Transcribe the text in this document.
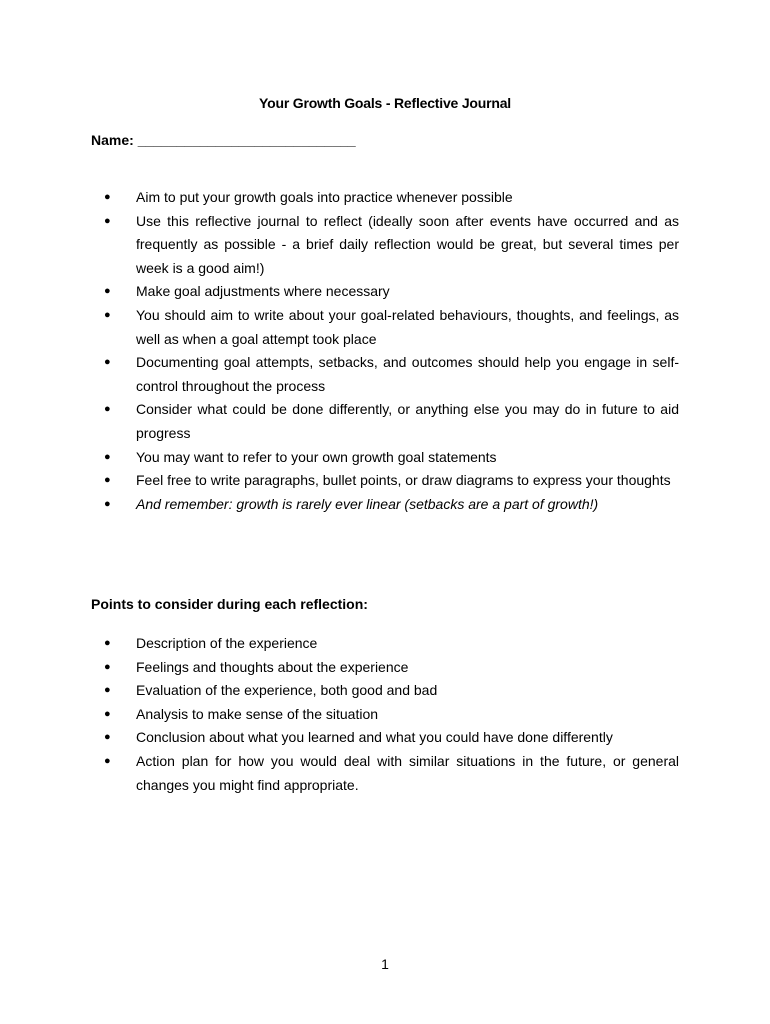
Your Growth Goals - Reflective Journal
Name: ____________________________
● Aim to put your growth goals into practice whenever possible
● Use this reflective journal to reflect (ideally soon after events have occurred and as frequently as possible - a brief daily reflection would be great, but several times per week is a good aim!)
● Make goal adjustments where necessary
● You should aim to write about your goal-related behaviours, thoughts, and feelings, as well as when a goal attempt took place
● Documenting goal attempts, setbacks, and outcomes should help you engage in self-control throughout the process
● Consider what could be done differently, or anything else you may do in future to aid progress
● You may want to refer to your own growth goal statements
● Feel free to write paragraphs, bullet points, or draw diagrams to express your thoughts
● And remember: growth is rarely ever linear (setbacks are a part of growth!)
Points to consider during each reflection:
● Description of the experience
● Feelings and thoughts about the experience
● Evaluation of the experience, both good and bad
● Analysis to make sense of the situation
● Conclusion about what you learned and what you could have done differently
● Action plan for how you would deal with similar situations in the future, or general changes you might find appropriate.
1
